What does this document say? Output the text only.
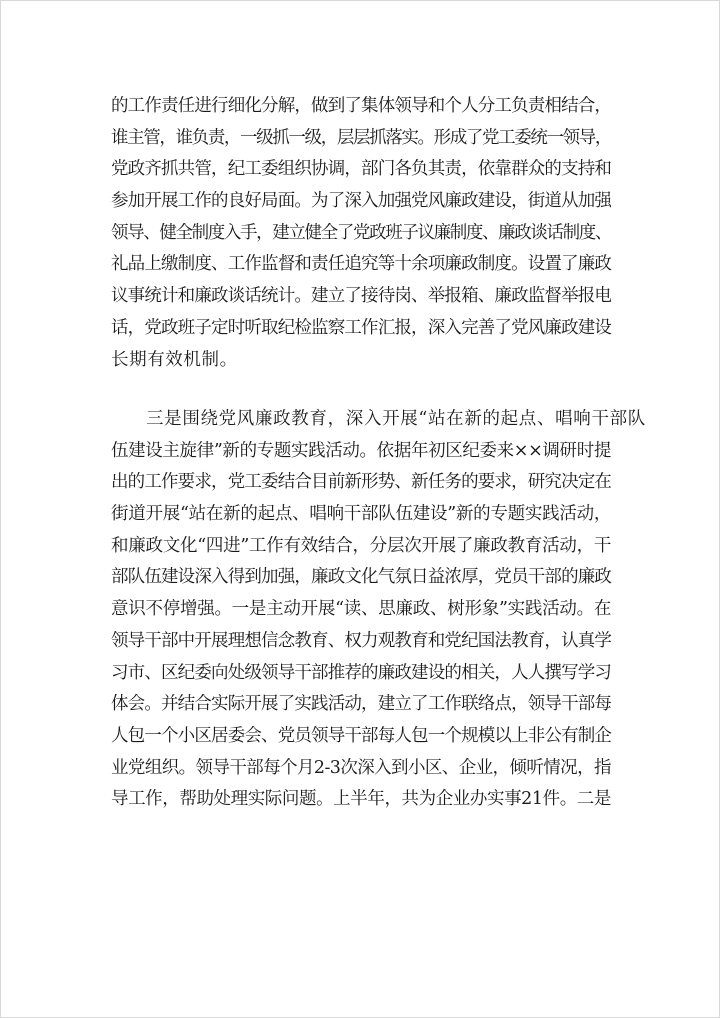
的工作责任进行细化分解，做到了集体领导和个人分工负责相结合，
谁主管，谁负责，一级抓一级，层层抓落实。形成了党工委统一领导，
党政齐抓共管，纪工委组织协调，部门各负其责，依靠群众的支持和
参加开展工作的良好局面。为了深入加强党风廉政建设，街道从加强
领导、健全制度入手，建立健全了党政班子议廉制度、廉政谈话制度、
礼品上缴制度、工作监督和责任追究等十余项廉政制度。设置了廉政
议事统计和廉政谈话统计。建立了接待岗、举报箱、廉政监督举报电
话，党政班子定时听取纪检监察工作汇报，深入完善了党风廉政建设
长期有效机制。
三是围绕党风廉政教育，深入开展“站在新的起点、唱响干部队
伍建设主旋律”新的专题实践活动。依据年初区纪委来××调研时提
出的工作要求，党工委结合目前新形势、新任务的要求，研究决定在
街道开展“站在新的起点、唱响干部队伍建设”新的专题实践活动，
和廉政文化“四进”工作有效结合，分层次开展了廉政教育活动，干
部队伍建设深入得到加强，廉政文化气氛日益浓厚，党员干部的廉政
意识不停增强。一是主动开展“读、思廉政、树形象”实践活动。在
领导干部中开展理想信念教育、权力观教育和党纪国法教育，认真学
习市、区纪委向处级领导干部推荐的廉政建设的相关，人人撰写学习
体会。并结合实际开展了实践活动，建立了工作联络点，领导干部每
人包一个小区居委会、党员领导干部每人包一个规模以上非公有制企
业党组织。领导干部每个月2-3次深入到小区、企业，倾听情况，指
导工作，帮助处理实际问题。上半年，共为企业办实事21件。二是
